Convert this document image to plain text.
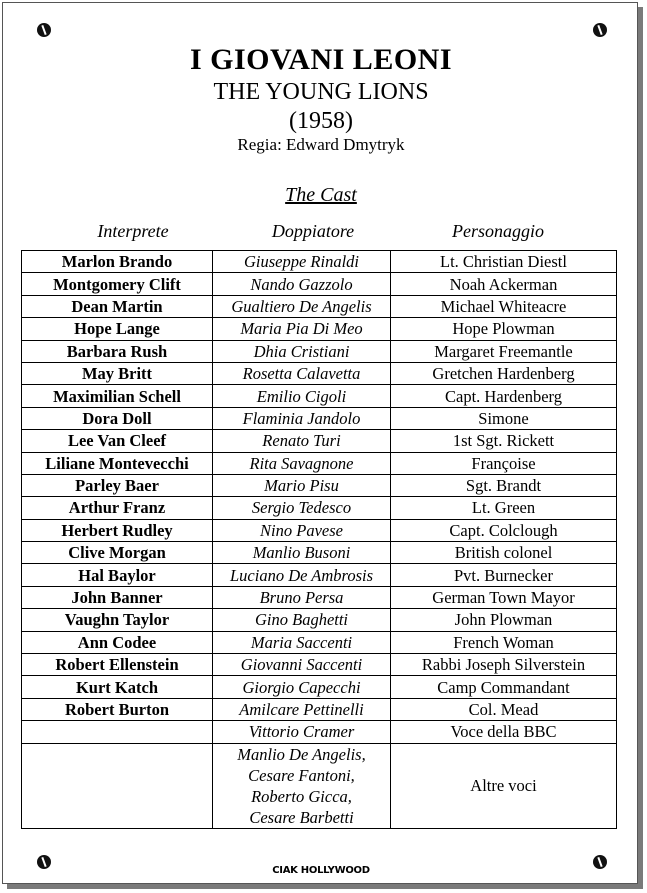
I GIOVANI LEONI
THE YOUNG LIONS
(1958)
Regia: Edward Dmytryk
The Cast
Interprete	Doppiatore	Personaggio
Marlon Brando	Giuseppe Rinaldi	Lt. Christian Diestl
Montgomery Clift	Nando Gazzolo	Noah Ackerman
Dean Martin	Gualtiero De Angelis	Michael Whiteacre
Hope Lange	Maria Pia Di Meo	Hope Plowman
Barbara Rush	Dhia Cristiani	Margaret Freemantle
May Britt	Rosetta Calavetta	Gretchen Hardenberg
Maximilian Schell	Emilio Cigoli	Capt. Hardenberg
Dora Doll	Flaminia Jandolo	Simone
Lee Van Cleef	Renato Turi	1st Sgt. Rickett
Liliane Montevecchi	Rita Savagnone	Françoise
Parley Baer	Mario Pisu	Sgt. Brandt
Arthur Franz	Sergio Tedesco	Lt. Green
Herbert Rudley	Nino Pavese	Capt. Colclough
Clive Morgan	Manlio Busoni	British colonel
Hal Baylor	Luciano De Ambrosis	Pvt. Burnecker
John Banner	Bruno Persa	German Town Mayor
Vaughn Taylor	Gino Baghetti	John Plowman
Ann Codee	Maria Saccenti	French Woman
Robert Ellenstein	Giovanni Saccenti	Rabbi Joseph Silverstein
Kurt Katch	Giorgio Capecchi	Camp Commandant
Robert Burton	Amilcare Pettinelli	Col. Mead
	Vittorio Cramer	Voce della BBC

	Manlio De Angelis,
Cesare Fantoni,
Roberto Gicca,
Cesare Barbetti	Altre voci
CIAK HOLLYWOOD
